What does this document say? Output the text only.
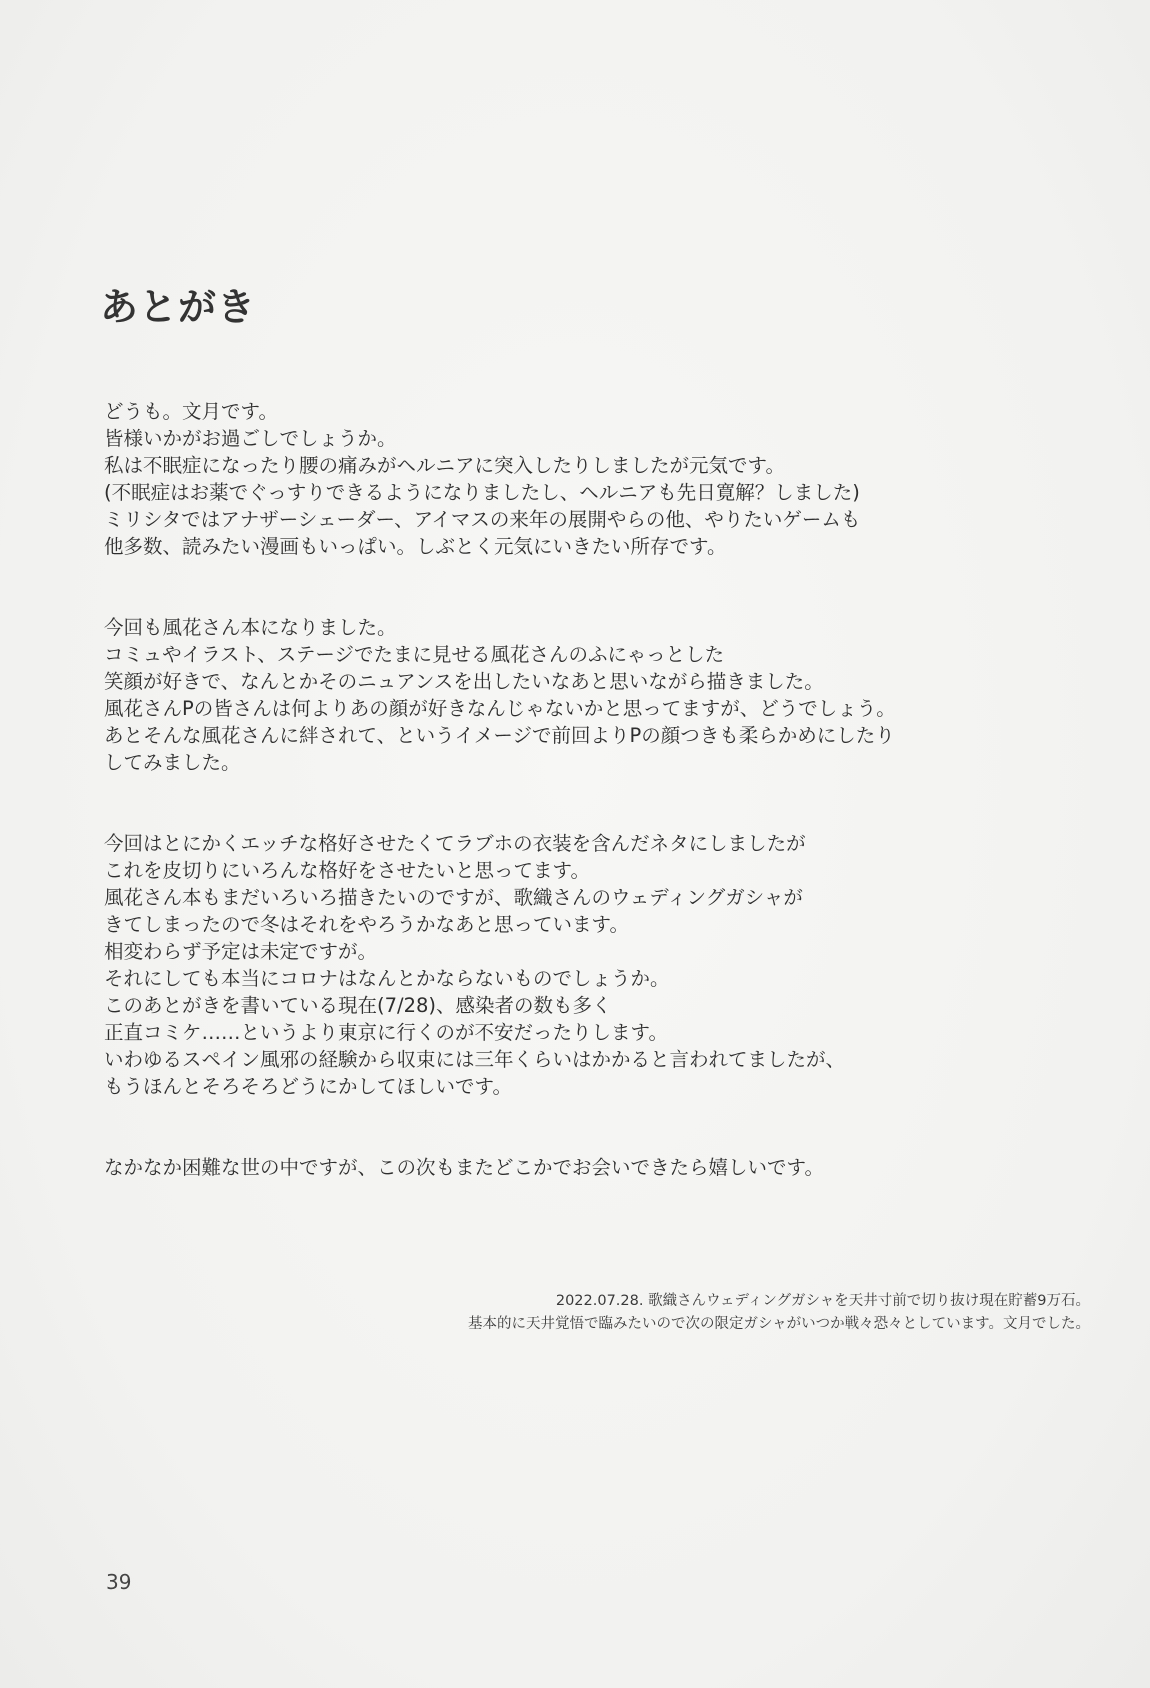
あとがき

どうも。文月です。
皆様いかがお過ごしでしょうか。
私は不眠症になったり腰の痛みがヘルニアに突入したりしましたが元気です。
(不眠症はお薬でぐっすりできるようになりましたし、ヘルニアも先日寛解？しました)
ミリシタではアナザーシェーダー、アイマスの来年の展開やらの他、やりたいゲームも
他多数、読みたい漫画もいっぱい。しぶとく元気にいきたい所存です。

今回も風花さん本になりました。
コミュやイラスト、ステージでたまに見せる風花さんのふにゃっとした
笑顔が好きで、なんとかそのニュアンスを出したいなあと思いながら描きました。
風花さんPの皆さんは何よりあの顔が好きなんじゃないかと思ってますが、どうでしょう。
あとそんな風花さんに絆されて、というイメージで前回よりPの顔つきも柔らかめにしたり
してみました。

今回はとにかくエッチな格好させたくてラブホの衣装を含んだネタにしましたが
これを皮切りにいろんな格好をさせたいと思ってます。
風花さん本もまだいろいろ描きたいのですが、歌織さんのウェディングガシャが
きてしまったので冬はそれをやろうかなあと思っています。
相変わらず予定は未定ですが。
それにしても本当にコロナはなんとかならないものでしょうか。
このあとがきを書いている現在(7/28)、感染者の数も多く
正直コミケ……というより東京に行くのが不安だったりします。
いわゆるスペイン風邪の経験から収束には三年くらいはかかると言われてましたが、
もうほんとそろそろどうにかしてほしいです。

なかなか困難な世の中ですが、この次もまたどこかでお会いできたら嬉しいです。

2022.07.28. 歌織さんウェディングガシャを天井寸前で切り抜け現在貯蓄9万石。
基本的に天井覚悟で臨みたいので次の限定ガシャがいつか戦々恐々としています。文月でした。
39
